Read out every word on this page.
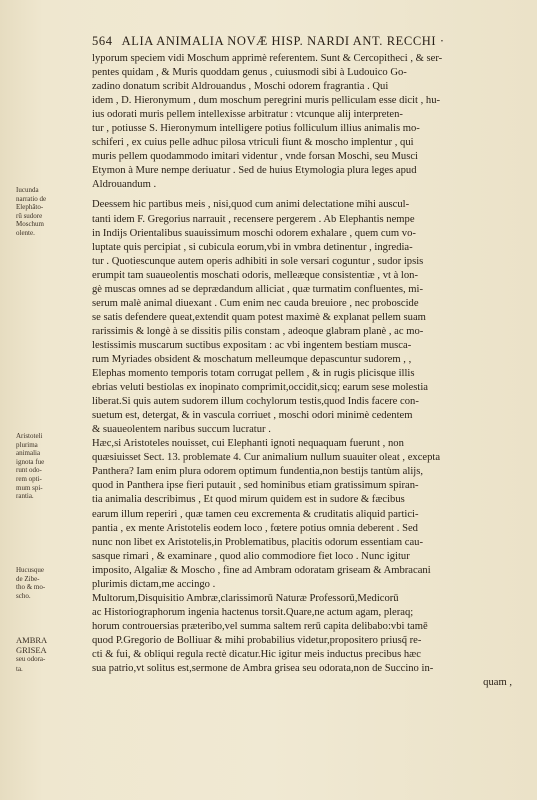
564 ALIA ANIMALIA NOVÆ HISP. NARDI ANT. RECCHI ·
lyporum speciem vidi Moschum apprimè referentem. Sunt & Cercopitheci , & ser-
pentes quidam , & Muris quoddam genus , cuiusmodi sibi à Ludouico Go-
zadino donatum scribit Aldrouandus , Moschi odorem fragrantia . Qui
idem , D. Hieronymum , dum moschum peregrini muris pelliculam esse dicit , hu-
ius odorati muris pellem intellexisse arbitratur : vtcunque alij interpreten-
tur , potiusse S. Hieronymum intelligere potius folliculum illius animalis mo-
schiferi , ex cuius pelle adhuc pilosa vtriculi fiunt & moscho implentur , qui
muris pellem quodammodo imitari videntur , vnde forsan Moschi, seu Musci
Etymon à Mure nempe deriuatur . Sed de huius Etymologia plura leges apud
Aldrouandum .
Deessem hic partibus meis , nisi,quod cum animi delectatione mihi auscul-
tanti idem F. Gregorius narrauit , recensere pergerem . Ab Elephantis nempe
in Indijs Orientalibus suauissimum moschi odorem exhalare , quem cum vo-
luptate quis percipiat , si cubicula eorum,vbi in vmbra detinentur , ingredia-
tur . Quotiescunque autem operis adhibiti in sole versari coguntur , sudor ipsis
erumpit tam suaueolentis moschati odoris, melleæque consistentiæ , vt à lon-
gè muscas omnes ad se deprædandum alliciat , quæ turmatim confluentes, mi-
serum malè animal diuexant . Cum enim nec cauda breuiore , nec proboscide
se satis defendere queat,extendit quam potest maximè & explanat pellem suam
rarissimis & longè à se dissitis pilis constam , adeoque glabram planè , ac mo-
lestissimis muscarum suctibus expositam : ac vbi ingentem bestiam musca-
rum Myriades obsident & moschatum melleumque depascuntur sudorem , ,
Elephas momento temporis totam corrugat pellem , & in rugis plicisque illis
ebrias veluti bestiolas ex inopinato comprimit,occidit,sicq; earum sese molestia
liberat.Si quis autem sudorem illum cochylorum testis,quod Indis facere con-
suetum est, detergat, & in vascula corriuet , moschi odori minimè cedentem
& suaueolentem naribus succum lucratur .
Hæc,si Aristoteles nouisset, cui Elephanti ignoti nequaquam fuerunt , non
quæsiuisset Sect. 13. problemate 4. Cur animalium nullum suauiter oleat , excepta
Panthera? Iam enim plura odorem optimum fundentia,non bestijs tantùm alijs,
quod in Panthera ipse fieri putauit , sed hominibus etiam gratissimum spiran-
tia animalia describimus , Et quod mirum quidem est in sudore & fæcibus
earum illum reperiri , quæ tamen ceu excrementa & cruditatis aliquid partici-
pantia , ex mente Aristotelis eodem loco , fœtere potius omnia deberent . Sed
nunc non libet ex Aristotelis,in Problematibus, placitis odorum essentiam cau-
sasque rimari , & examinare , quod alio commodiore fiet loco . Nunc igitur
imposito, Algaliæ & Moscho , fine ad Ambram odoratam griseam & Ambracani
plurimis dictam,me accingo .
Multorum,Disquisitio Ambræ,clarissimorū Naturæ Professorū,Medicorū
ac Historiographorum ingenia hactenus torsit.Quare,ne actum agam, pleraq;
horum controuersias præteribo,vel summa saltem rerū capita delibabo:vbi tamē
quod P.Gregorio de Bolliuar & mihi probabilius videtur,propositero priusq̃ re-
cti & fui, & obliqui regula rectè dicatur.Hic igitur meis inductus precibus hæc
sua patrio,vt solitus est,sermone de Ambra grisea seu odorata,non de Succino in-
quam ,
Iucunda
narratio de
Elephāto-
rū sudore
Moschum
olente.
Aristoteli
plurima
animalia
ignota fue
runt odo-
rem opti-
mum spi-
rantia.
Hucusque
de Zibe-
tho & mo-
scho.
AMBRA
GRISEA
seu odora-
ta.
